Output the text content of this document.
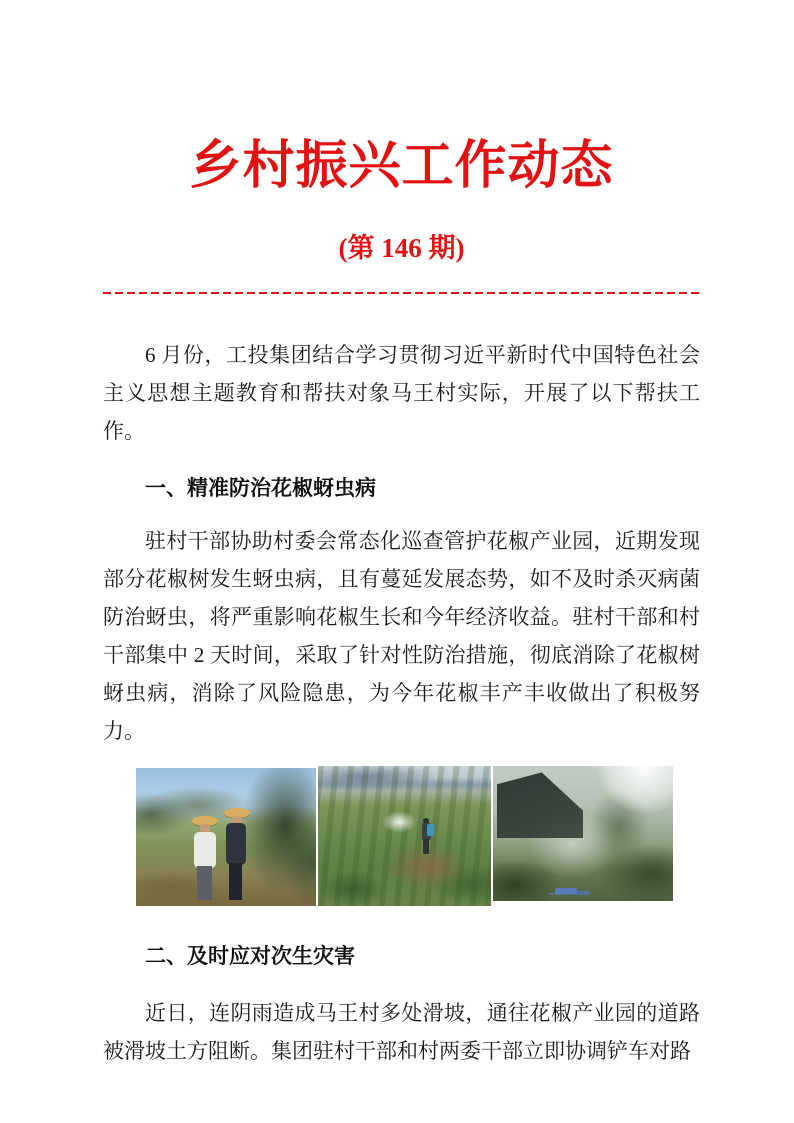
乡村振兴工作动态
(第 146 期)

6 月份，工投集团结合学习贯彻习近平新时代中国特色社会主义思想主题教育和帮扶对象马王村实际，开展了以下帮扶工作。

一、精准防治花椒蚜虫病

驻村干部协助村委会常态化巡查管护花椒产业园，近期发现部分花椒树发生蚜虫病，且有蔓延发展态势，如不及时杀灭病菌防治蚜虫，将严重影响花椒生长和今年经济收益。驻村干部和村干部集中 2 天时间，采取了针对性防治措施，彻底消除了花椒树蚜虫病，消除了风险隐患，为今年花椒丰产丰收做出了积极努力。

二、及时应对次生灾害

近日，连阴雨造成马王村多处滑坡，通往花椒产业园的道路被滑坡土方阻断。集团驻村干部和村两委干部立即协调铲车对路
